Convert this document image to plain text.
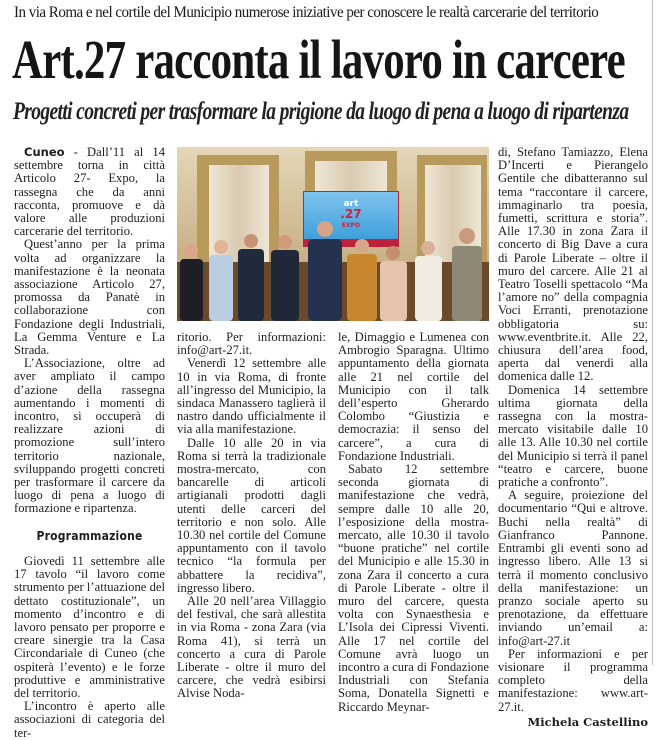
In via Roma e nel cortile del Municipio numerose iniziative per conoscere le realtà carcerarie del territorio
Art.27 racconta il lavoro in carcere
Progetti concreti per trasformare la prigione da luogo di pena a luogo di ripartenza
art
.27
EXPO

Cuneo - Dall’11 al 14 settembre torna in città Articolo 27- Expo, la rassegna che da anni racconta, promuove e dà valore alle produzioni carcerarie del territorio.

Quest’anno per la prima volta ad organizzare la manifestazione è la neonata associazione Articolo 27, promossa da Panatè in collaborazione con Fondazione degli Industriali, La Gemma Venture e La Strada.

L’Associazione, oltre ad aver ampliato il campo d’azione della rassegna aumentando i momenti di incontro, si occuperà di realizzare azioni di promozione sull’intero territorio nazionale, sviluppando progetti concreti per trasformare il carcere da luogo di pena a luogo di formazione e ripartenza.

Programmazione

Giovedì 11 settembre alle 17 tavolo “il lavoro come strumento per l’attuazione del dettato costituzionale”, un momento d’incontro e di lavoro pensato per proporre e creare sinergie tra la Casa Circondariale di Cuneo (che ospiterà l’evento) e le forze produttive e amministrative del territorio.

L’incontro è aperto alle associazioni di categoria del ter-

ritorio. Per informazioni: info@art-27.it.

Venerdì 12 settembre alle 10 in via Roma, di fronte all’ingresso del Municipio, la sindaca Manassero taglierà il nastro dando ufficialmente il via alla manifestazione.

Dalle 10 alle 20 in via Roma si terrà la tradizionale mostra-mercato, con bancarelle di articoli artigianali prodotti dagli utenti delle carceri del territorio e non solo. Alle 10.30 nel cortile del Comune appuntamento con il tavolo tecnico “la formula per abbattere la recidiva”, ingresso libero.

Alle 20 nell’area Villaggio del festival, che sarà allestita in via Roma - zona Zara (via Roma 41), si terrà un concerto a cura di Parole Liberate - oltre il muro del carcere, che vedrà esibirsi Alvise Noda-

le, Dimaggio e Lumenea con Ambrogio Sparagna. Ultimo appuntamento della giornata alle 21 nel cortile del Municipio con il talk dell’esperto Gherardo Colombo “Giustizia e democrazia: il senso del carcere”, a cura di Fondazione Industriali.

Sabato 12 settembre seconda giornata di manifestazione che vedrà, sempre dalle 10 alle 20, l’esposizione della mostra-mercato, alle 10.30 il tavolo “buone pratiche” nel cortile del Municipio e alle 15.30 in zona Zara il concerto a cura di Parole Liberate - oltre il muro del carcere, questa volta con Synaesthesia e L’Isola dei Cipressi Viventi. Alle 17 nel cortile del Comune avrà luogo un incontro a cura di Fondazione Industriali con Stefania Soma, Donatella Signetti e Riccardo Meynar-

di, Stefano Tamiazzo, Elena D’Incerti e Pierangelo Gentile che dibatteranno sul tema “raccontare il carcere, immaginarlo tra poesia, fumetti, scrittura e storia”. Alle 17.30 in zona Zara il concerto di Big Dave a cura di Parole Liberate – oltre il muro del carcere. Alle 21 al Teatro Toselli spettacolo “Ma l’amore no” della compagnia Voci Erranti, prenotazione obbligatoria su: www.eventbrite.it. Alle 22, chiusura dell’area food, aperta dal venerdì alla domenica dalle 12.

Domenica 14 settembre ultima giornata della rassegna con la mostra-mercato visitabile dalle 10 alle 13. Alle 10.30 nel cortile del Municipio si terrà il panel “teatro e carcere, buone pratiche a confronto”.

A seguire, proiezione del documentario “Qui e altrove. Buchi nella realtà” di Gianfranco Pannone. Entrambi gli eventi sono ad ingresso libero. Alle 13 si terrà il momento conclusivo della manifestazione: un pranzo sociale aperto su prenotazione, da effettuare inviando un’email a: info@art-27.it

Per informazioni e per visionare il programma completo della manifestazione: www.art-27.it.

Michela Castellino
